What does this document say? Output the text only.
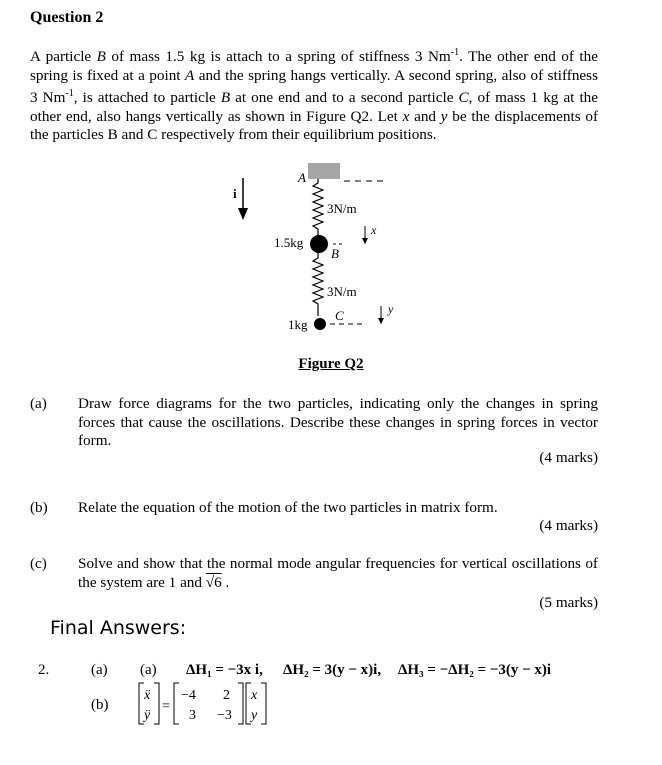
Question 2
A particle B of mass 1.5 kg is attach to a spring of stiffness 3 $Nm^{-1}$. The other end of the spring is fixed at a point A and the spring hangs vertically. A second spring, also of stiffness 3 $Nm^{-1}$, is attached to particle B at one end and to a second particle C, of mass 1 kg at the other end, also hangs vertically as shown in Figure Q2. Let x and y be the displacements of the particles B and C respectively from their equilibrium positions.
i
A
3N/m
1.5kg
B
x
3N/m
1kg
C	y
Figure Q2
(a) Draw force diagrams for the two particles, indicating only the changes in spring forces that cause the oscillations. Describe these changes in spring forces in vector form.
(4 marks)
(b) Relate the equation of the motion of the two particles in matrix form.
(4 marks)
(c) Solve and show that the normal mode angular frequencies for vertical oscillations of the system are 1 and √6 .
(5 marks)
Final Answers:
2.	(a) (a) ΔH₁ = −3x i, ΔH₂ = 3(y − x)i, ΔH₃ = −ΔH₂ = −3(y − x)i
(b)
ẍ
ÿ
=
−4 2
3 −3
x
y
